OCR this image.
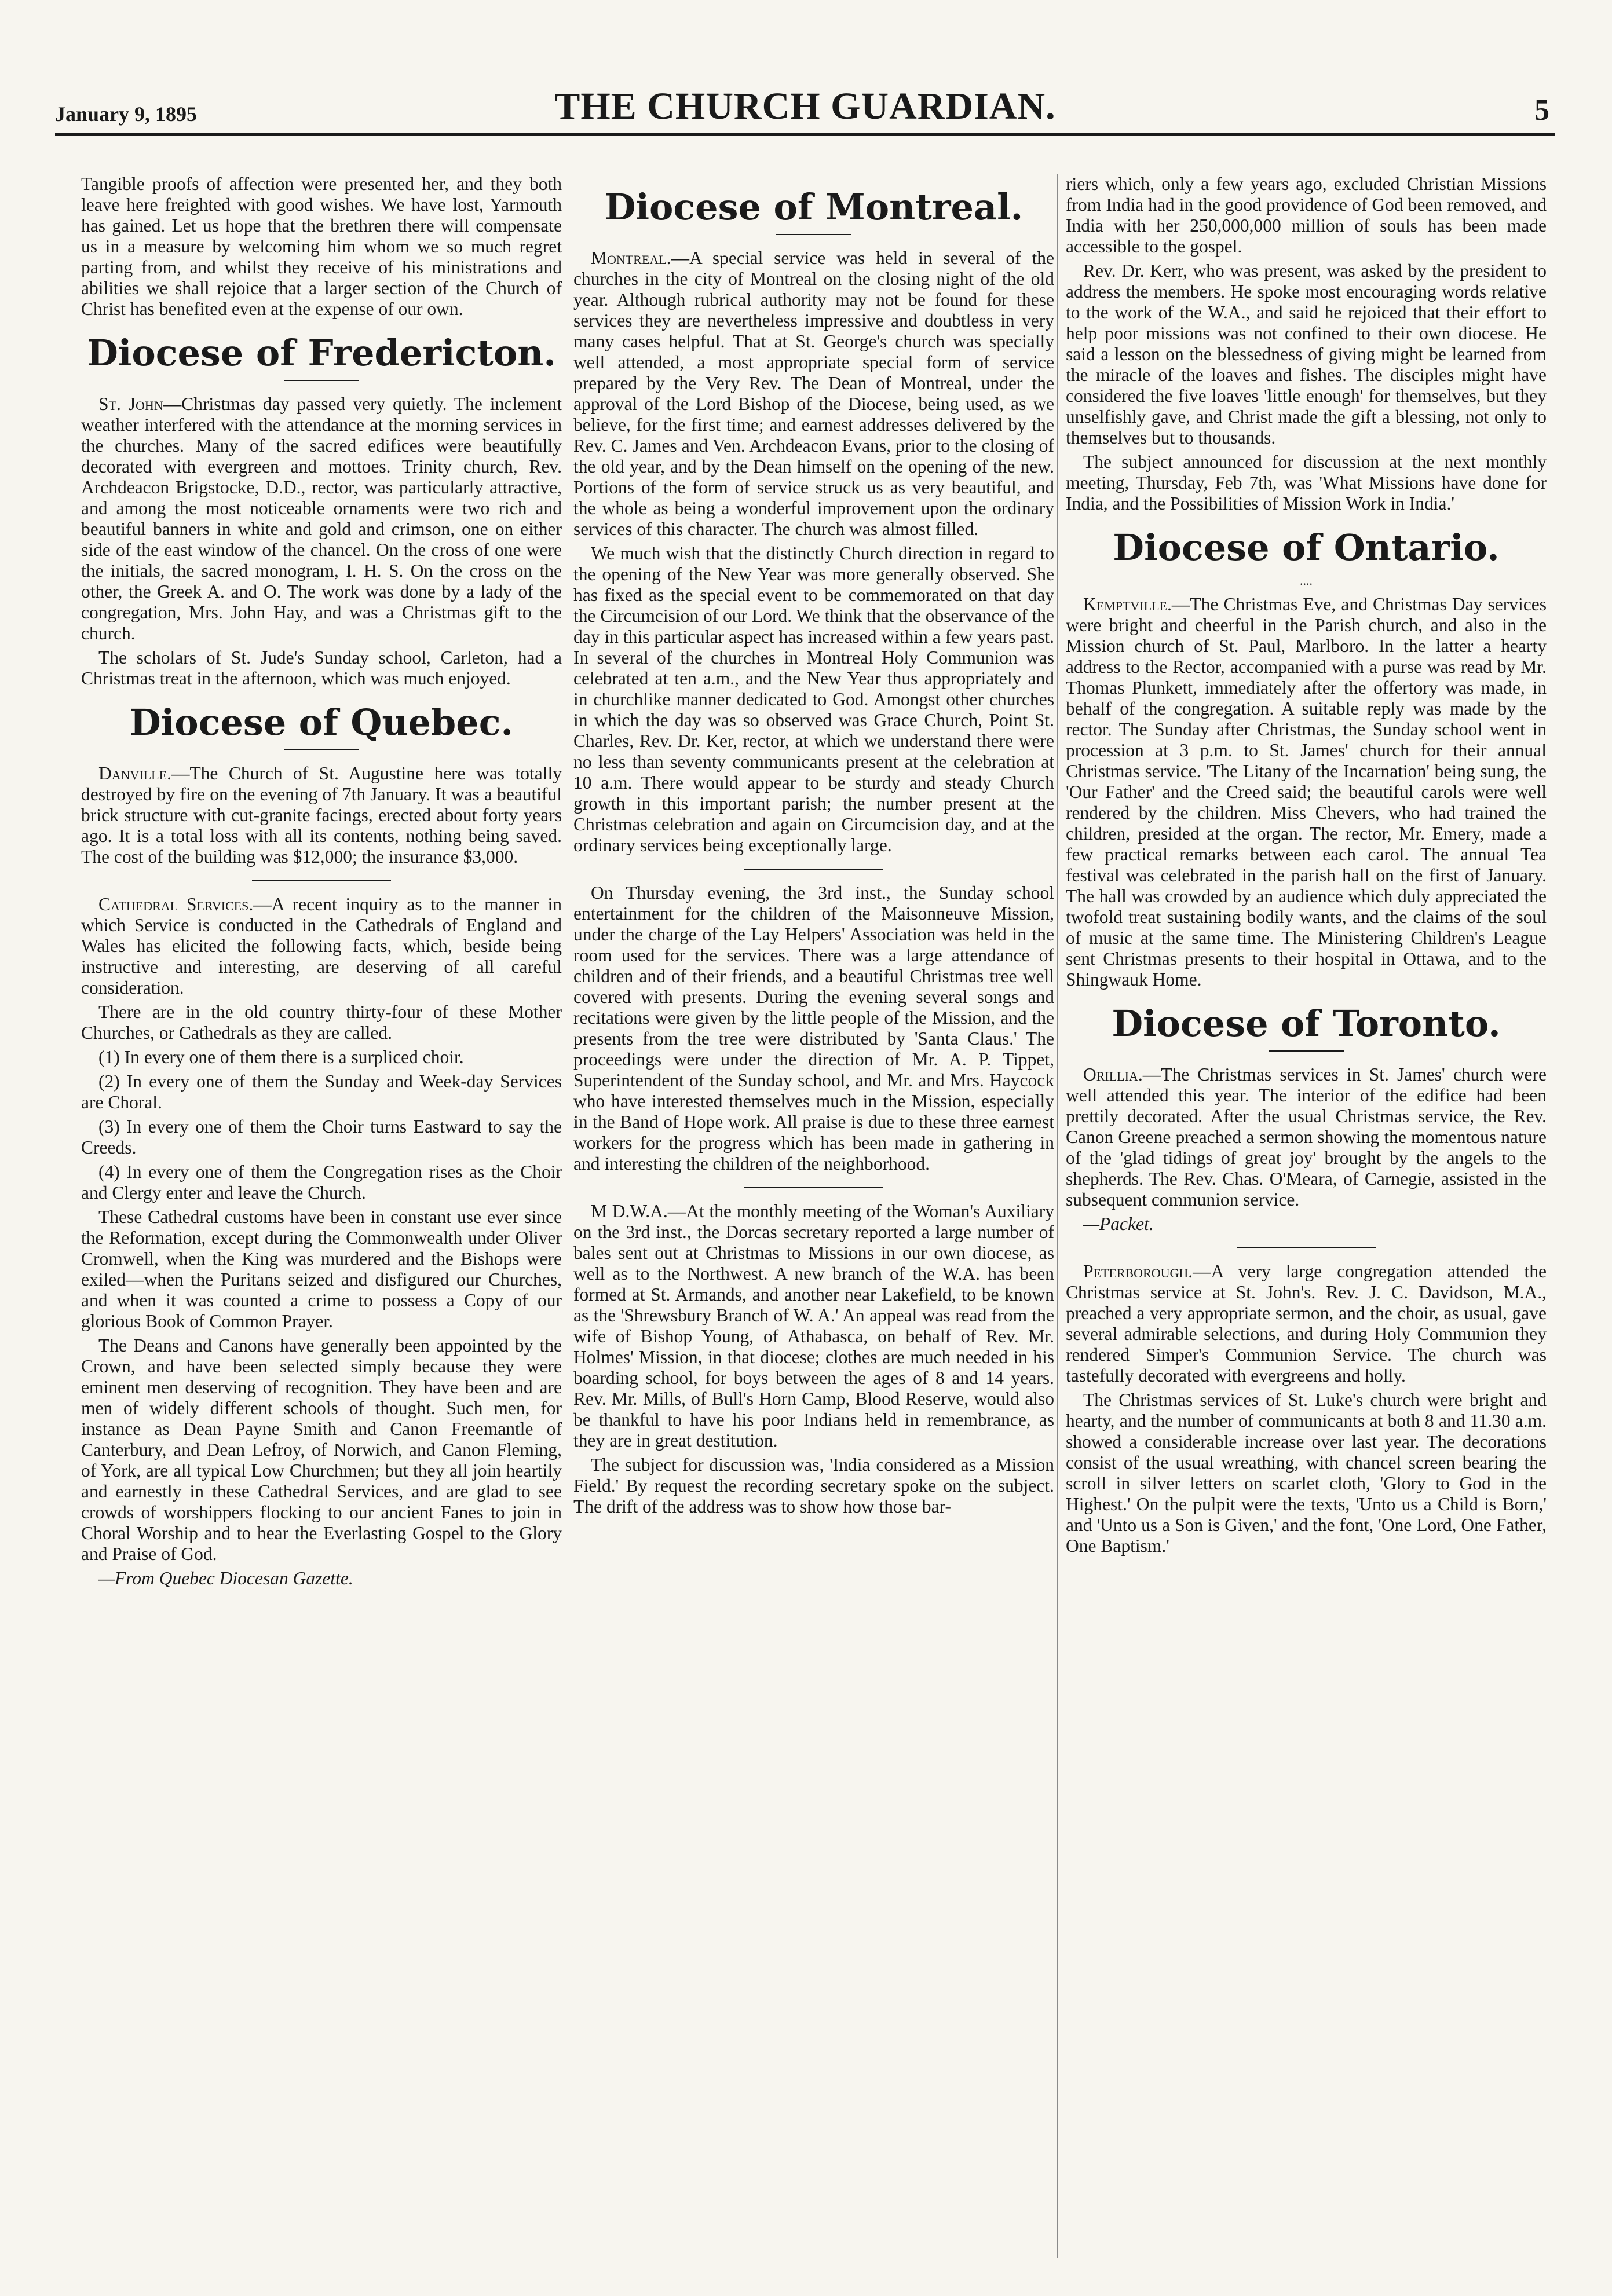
January 9, 1895	THE CHURCH GUARDIAN.	5

Tangible proofs of affection were presented her, and they both leave here freighted with good wishes. We have lost, Yarmouth has gained. Let us hope that the brethren there will compensate us in a measure by welcoming him whom we so much regret parting from, and whilst they receive of his ministrations and abilities we shall rejoice that a larger section of the Church of Christ has benefited even at the expense of our own.

Diocese of Fredericton.

St. John—Christmas day passed very quietly. The inclement weather interfered with the attendance at the morning services in the churches. Many of the sacred edifices were beautifully decorated with evergreen and mottoes. Trinity church, Rev. Archdeacon Brigstocke, D.D., rector, was particularly attractive, and among the most noticeable ornaments were two rich and beautiful banners in white and gold and crimson, one on either side of the east window of the chancel. On the cross of one were the initials, the sacred monogram, I. H. S. On the cross on the other, the Greek A. and O. The work was done by a lady of the congregation, Mrs. John Hay, and was a Christmas gift to the church.

The scholars of St. Jude's Sunday school, Carleton, had a Christmas treat in the afternoon, which was much enjoyed.

Diocese of Quebec.

Danville.—The Church of St. Augustine here was totally destroyed by fire on the evening of 7th January. It was a beautiful brick structure with cut-granite facings, erected about forty years ago. It is a total loss with all its contents, nothing being saved. The cost of the building was $12,000; the insurance $3,000.

Cathedral Services.—A recent inquiry as to the manner in which Service is conducted in the Cathedrals of England and Wales has elicited the following facts, which, beside being instructive and interesting, are deserving of all careful consideration.

There are in the old country thirty-four of these Mother Churches, or Cathedrals as they are called.

(1) In every one of them there is a surpliced choir.

(2) In every one of them the Sunday and Week-day Services are Choral.

(3) In every one of them the Choir turns Eastward to say the Creeds.

(4) In every one of them the Congregation rises as the Choir and Clergy enter and leave the Church.

These Cathedral customs have been in constant use ever since the Reformation, except during the Commonwealth under Oliver Cromwell, when the King was murdered and the Bishops were exiled—when the Puritans seized and disfigured our Churches, and when it was counted a crime to possess a Copy of our glorious Book of Common Prayer.

The Deans and Canons have generally been appointed by the Crown, and have been selected simply because they were eminent men deserving of recognition. They have been and are men of widely different schools of thought. Such men, for instance as Dean Payne Smith and Canon Freemantle of Canterbury, and Dean Lefroy, of Norwich, and Canon Fleming, of York, are all typical Low Churchmen; but they all join heartily and earnestly in these Cathedral Services, and are glad to see crowds of worshippers flocking to our ancient Fanes to join in Choral Worship and to hear the Everlasting Gospel to the Glory and Praise of God.

—From Quebec Diocesan Gazette.

Diocese of Montreal.

Montreal.—A special service was held in several of the churches in the city of Montreal on the closing night of the old year. Although rubrical authority may not be found for these services they are nevertheless impressive and doubtless in very many cases helpful. That at St. George's church was specially well attended, a most appropriate special form of service prepared by the Very Rev. The Dean of Montreal, under the approval of the Lord Bishop of the Diocese, being used, as we believe, for the first time; and earnest addresses delivered by the Rev. C. James and Ven. Archdeacon Evans, prior to the closing of the old year, and by the Dean himself on the opening of the new. Portions of the form of service struck us as very beautiful, and the whole as being a wonderful improvement upon the ordinary services of this character. The church was almost filled.

We much wish that the distinctly Church direction in regard to the opening of the New Year was more generally observed. She has fixed as the special event to be commemorated on that day the Circumcision of our Lord. We think that the observance of the day in this particular aspect has increased within a few years past. In several of the churches in Montreal Holy Communion was celebrated at ten a.m., and the New Year thus appropriately and in churchlike manner dedicated to God. Amongst other churches in which the day was so observed was Grace Church, Point St. Charles, Rev. Dr. Ker, rector, at which we understand there were no less than seventy communicants present at the celebration at 10 a.m. There would appear to be sturdy and steady Church growth in this important parish; the number present at the Christmas celebration and again on Circumcision day, and at the ordinary services being exceptionally large.

On Thursday evening, the 3rd inst., the Sunday school entertainment for the children of the Maisonneuve Mission, under the charge of the Lay Helpers' Association was held in the room used for the services. There was a large attendance of children and of their friends, and a beautiful Christmas tree well covered with presents. During the evening several songs and recitations were given by the little people of the Mission, and the presents from the tree were distributed by 'Santa Claus.' The proceedings were under the direction of Mr. A. P. Tippet, Superintendent of the Sunday school, and Mr. and Mrs. Haycock who have interested themselves much in the Mission, especially in the Band of Hope work. All praise is due to these three earnest workers for the progress which has been made in gathering in and interesting the children of the neighborhood.

M D.W.A.—At the monthly meeting of the Woman's Auxiliary on the 3rd inst., the Dorcas secretary reported a large number of bales sent out at Christmas to Missions in our own diocese, as well as to the Northwest. A new branch of the W.A. has been formed at St. Armands, and another near Lakefield, to be known as the 'Shrewsbury Branch of W. A.' An appeal was read from the wife of Bishop Young, of Athabasca, on behalf of Rev. Mr. Holmes' Mission, in that diocese; clothes are much needed in his boarding school, for boys between the ages of 8 and 14 years. Rev. Mr. Mills, of Bull's Horn Camp, Blood Reserve, would also be thankful to have his poor Indians held in remembrance, as they are in great destitution.

The subject for discussion was, 'India considered as a Mission Field.' By request the recording secretary spoke on the subject. The drift of the address was to show how those bar-

riers which, only a few years ago, excluded Christian Missions from India had in the good providence of God been removed, and India with her 250,000,000 million of souls has been made accessible to the gospel.

Rev. Dr. Kerr, who was present, was asked by the president to address the members. He spoke most encouraging words relative to the work of the W.A., and said he rejoiced that their effort to help poor missions was not confined to their own diocese. He said a lesson on the blessedness of giving might be learned from the miracle of the loaves and fishes. The disciples might have considered the five loaves 'little enough' for themselves, but they unselfishly gave, and Christ made the gift a blessing, not only to themselves but to thousands.

The subject announced for discussion at the next monthly meeting, Thursday, Feb 7th, was 'What Missions have done for India, and the Possibilities of Mission Work in India.'

Diocese of Ontario.
....

Kemptville.—The Christmas Eve, and Christmas Day services were bright and cheerful in the Parish church, and also in the Mission church of St. Paul, Marlboro. In the latter a hearty address to the Rector, accompanied with a purse was read by Mr. Thomas Plunkett, immediately after the offertory was made, in behalf of the congregation. A suitable reply was made by the rector. The Sunday after Christmas, the Sunday school went in procession at 3 p.m. to St. James' church for their annual Christmas service. 'The Litany of the Incarnation' being sung, the 'Our Father' and the Creed said; the beautiful carols were well rendered by the children. Miss Chevers, who had trained the children, presided at the organ. The rector, Mr. Emery, made a few practical remarks between each carol. The annual Tea festival was celebrated in the parish hall on the first of January. The hall was crowded by an audience which duly appreciated the twofold treat sustaining bodily wants, and the claims of the soul of music at the same time. The Ministering Children's League sent Christmas presents to their hospital in Ottawa, and to the Shingwauk Home.

Diocese of Toronto.

Orillia.—The Christmas services in St. James' church were well attended this year. The interior of the edifice had been prettily decorated. After the usual Christmas service, the Rev. Canon Greene preached a sermon showing the momentous nature of the 'glad tidings of great joy' brought by the angels to the shepherds. The Rev. Chas. O'Meara, of Carnegie, assisted in the subsequent communion service.

—Packet.

Peterborough.—A very large congregation attended the Christmas service at St. John's. Rev. J. C. Davidson, M.A., preached a very appropriate sermon, and the choir, as usual, gave several admirable selections, and during Holy Communion they rendered Simper's Communion Service. The church was tastefully decorated with evergreens and holly.

The Christmas services of St. Luke's church were bright and hearty, and the number of communicants at both 8 and 11.30 a.m. showed a considerable increase over last year. The decorations consist of the usual wreathing, with chancel screen bearing the scroll in silver letters on scarlet cloth, 'Glory to God in the Highest.' On the pulpit were the texts, 'Unto us a Child is Born,' and 'Unto us a Son is Given,' and the font, 'One Lord, One Father, One Baptism.'
